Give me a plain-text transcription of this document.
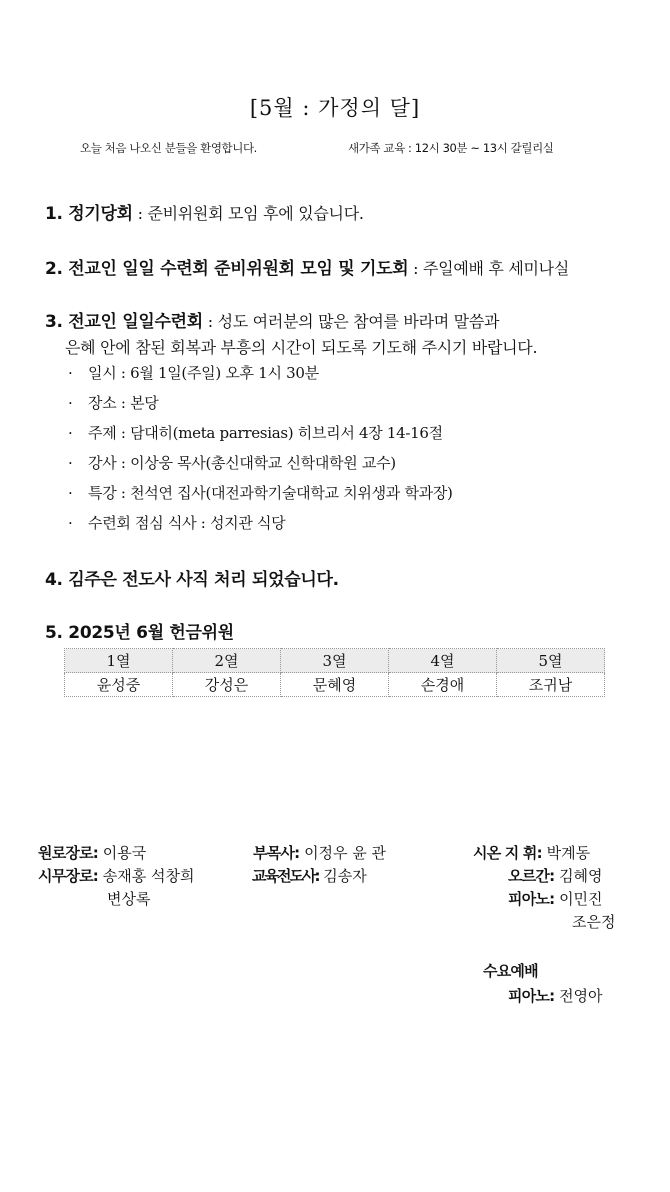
[5월 : 가정의 달]
오늘 처음 나오신 분들을 환영합니다.	새가족 교육 : 12시 30분 ~ 13시 갈릴리실
1. 정기당회 : 준비위원회 모임 후에 있습니다.
2. 전교인 일일 수련회 준비위원회 모임 및 기도회 : 주일예배 후 세미나실
3. 전교인 일일수련회 : 성도 여러분의 많은 참여를 바라며 말씀과
은혜 안에 참된 회복과 부흥의 시간이 되도록 기도해 주시기 바랍니다.
· 일시 : 6월 1일(주일) 오후 1시 30분
· 장소 : 본당
· 주제 : 담대히(meta parresias) 히브리서 4장 14-16절
· 강사 : 이상웅 목사(총신대학교 신학대학원 교수)
· 특강 : 천석연 집사(대전과학기술대학교 치위생과 학과장)
· 수련회 점심 식사 : 성지관 식당
4. 김주은 전도사 사직 처리 되었습니다.
5. 2025년 6월 헌금위원
1열	2열	3열	4열	5열
윤성중	강성은	문혜영	손경애	조귀남
원로장로: 이용국
시무장로: 송재홍 석창희
변상록
부목사: 이정우 윤 관
교육전도사: 김송자
시온 지 휘: 박계동
오르간: 김혜영
피아노: 이민진
조은정
수요예배
피아노: 전영아
